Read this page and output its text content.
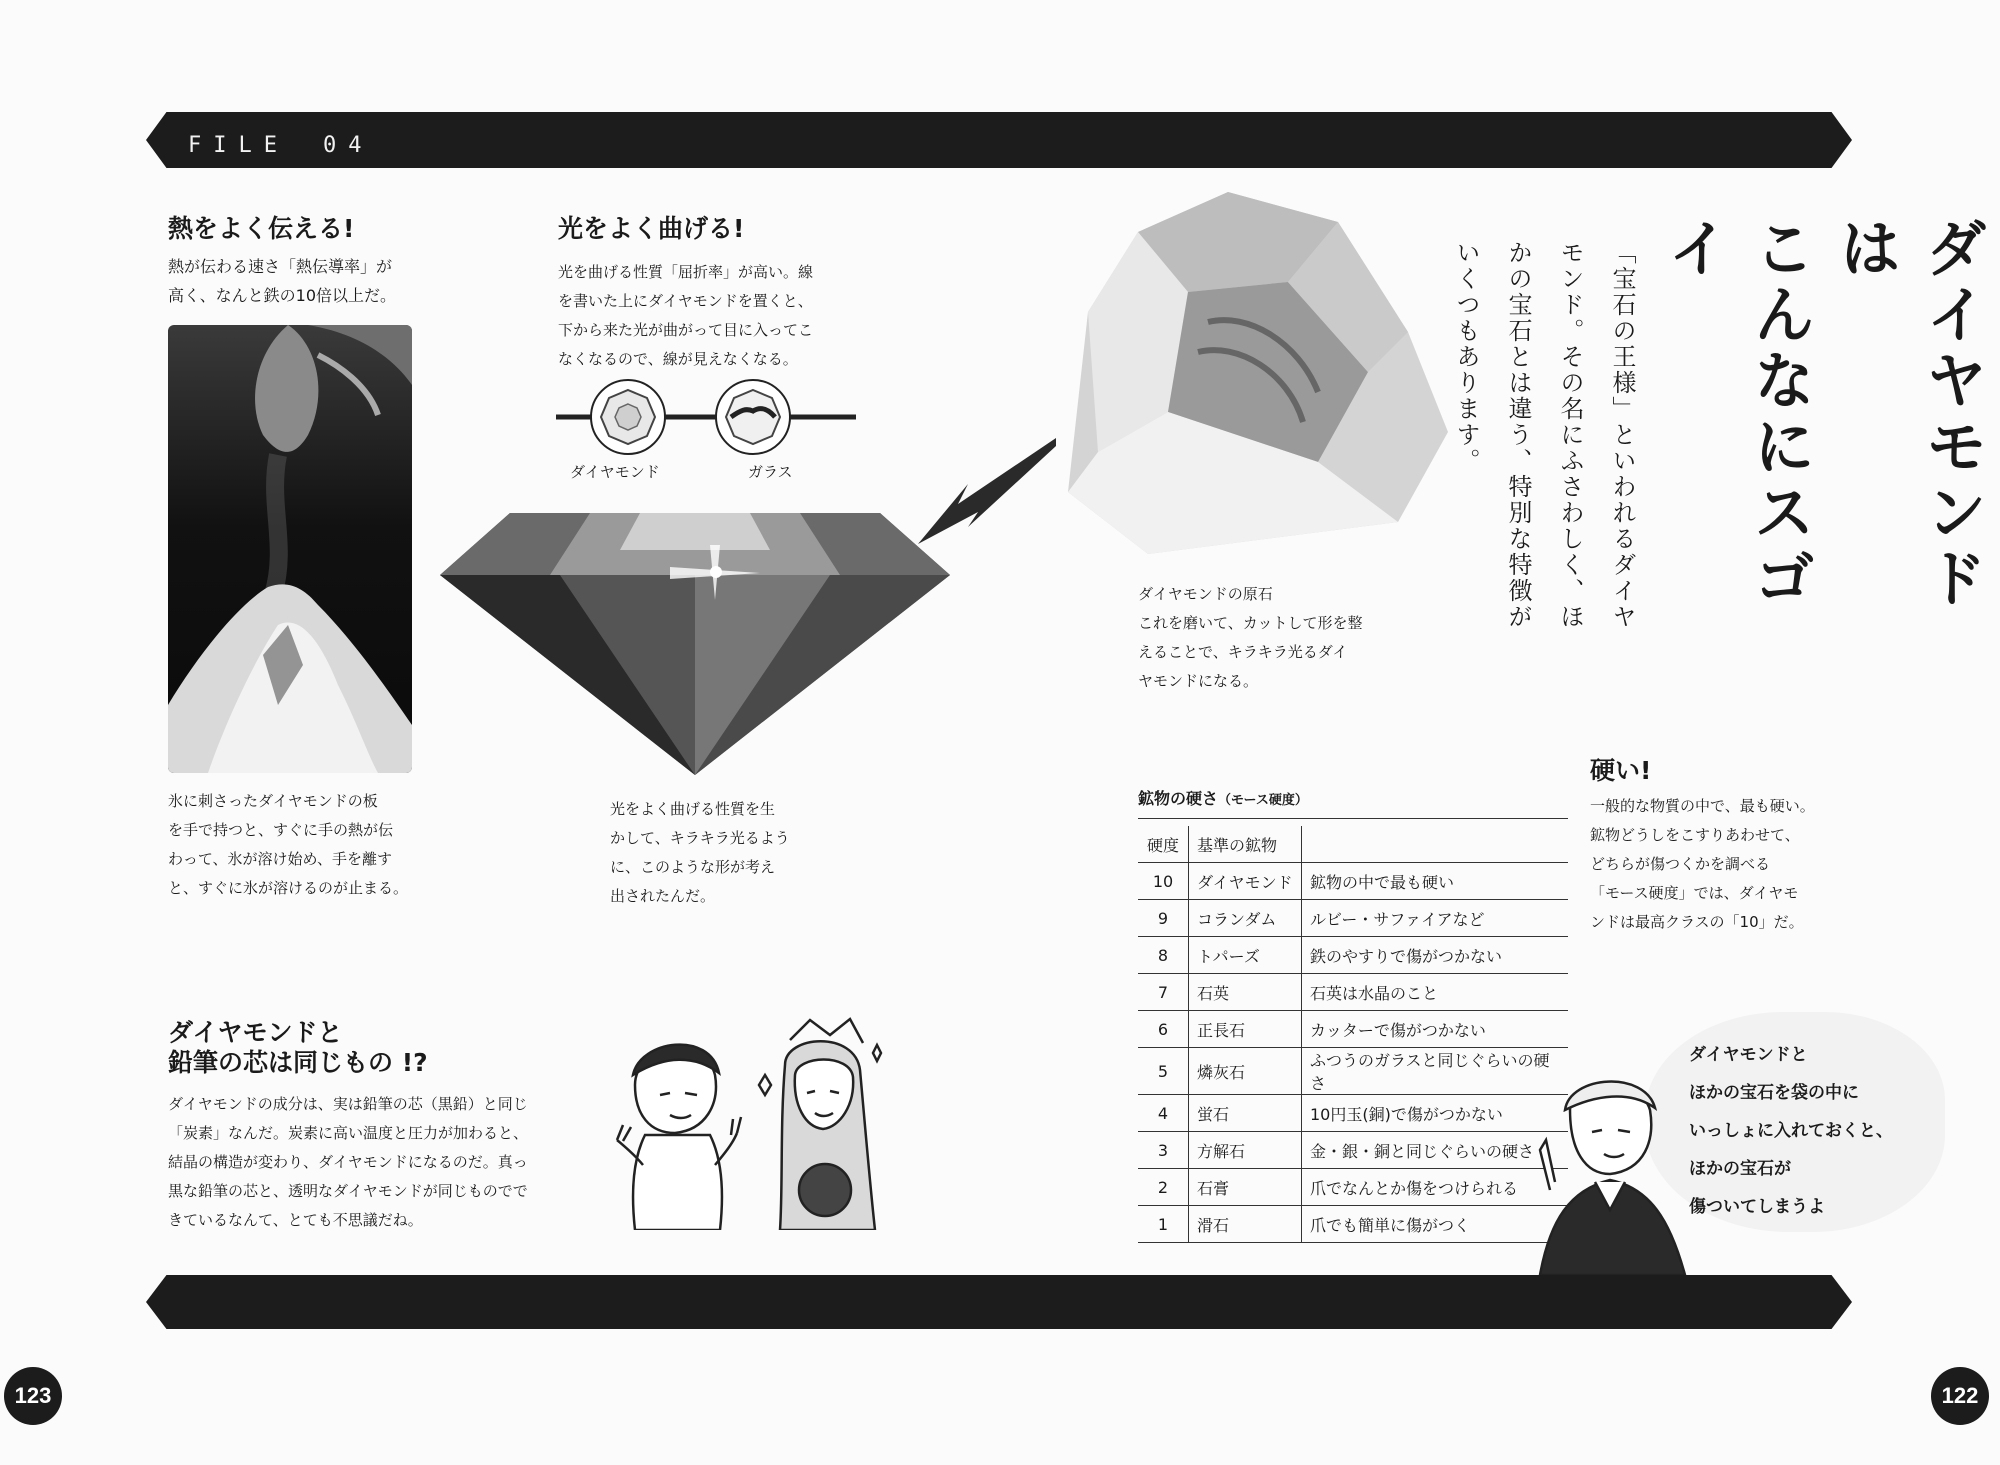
FILE　04
123	122
熱をよく伝える!
熱が伝わる速さ「熱伝導率」が
高く、なんと鉄の10倍以上だ。
氷に刺さったダイヤモンドの板
を手で持つと、すぐに手の熱が伝
わって、氷が溶け始め、手を離す
と、すぐに氷が溶けるのが止まる。
光をよく曲げる!
光を曲げる性質「屈折率」が高い。線
を書いた上にダイヤモンドを置くと、
下から来た光が曲がって目に入ってこ
なくなるので、線が見えなくなる。
ダイヤモンド	ガラス
光をよく曲げる性質を生
かして、キラキラ光るよう
に、このような形が考え
出されたんだ。
ダイヤモンドの原石
これを磨いて、カットして形を整
えることで、キラキラ光るダイ
ヤモンドになる。
ダイヤモンドは
こんなにスゴイ
「宝石の王様」といわれるダイヤ
モンド。その名にふさわしく、ほ
かの宝石とは違う、特別な特徴が
いくつもあります。
鉱物の硬さ（モース硬度）
硬度	基準の鉱物	
10	ダイヤモンド	鉱物の中で最も硬い
9	コランダム	ルビー・サファイアなど
8	トパーズ	鉄のやすりで傷がつかない
7	石英	石英は水晶のこと
6	正長石	カッターで傷がつかない
5	燐灰石	ふつうのガラスと同じぐらいの硬さ
4	蛍石	10円玉(銅)で傷がつかない
3	方解石	金・銀・銅と同じぐらいの硬さ
2	石膏	爪でなんとか傷をつけられる
1	滑石	爪でも簡単に傷がつく
硬い!
一般的な物質の中で、最も硬い。
鉱物どうしをこすりあわせて、
どちらが傷つくかを調べる
「モース硬度」では、ダイヤモ
ンドは最高クラスの「10」だ。
ダイヤモンドと
鉛筆の芯は同じもの !?
ダイヤモンドの成分は、実は鉛筆の芯（黒鉛）と同じ
「炭素」なんだ。炭素に高い温度と圧力が加わると、
結晶の構造が変わり、ダイヤモンドになるのだ。真っ
黒な鉛筆の芯と、透明なダイヤモンドが同じものでで
きているなんて、とても不思議だね。

ダイヤモンドと

ほかの宝石を袋の中に

いっしょに入れておくと、

ほかの宝石が

傷ついてしまうよ
